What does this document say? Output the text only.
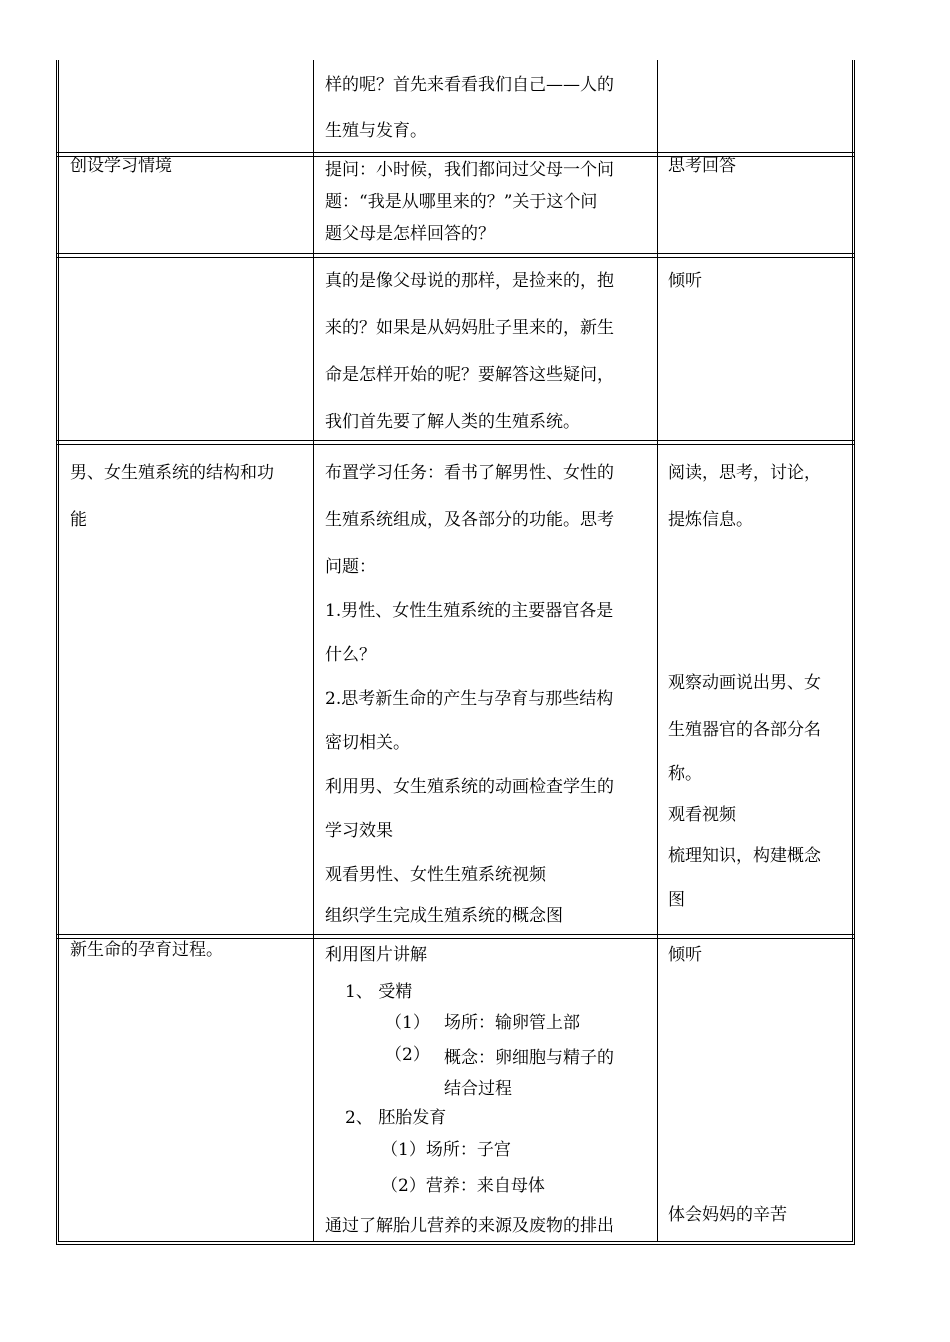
样的呢？首先来看看我们自己——人的
生殖与发育。
创设学习情境	提问：小时候，我们都问过父母一个问
题：“我是从哪里来的？”关于这个问
题父母是怎样回答的？
思考回答
真的是像父母说的那样，是捡来的，抱
来的？如果是从妈妈肚子里来的，新生
命是怎样开始的呢？要解答这些疑问，
我们首先要了解人类的生殖系统。
倾听
男、女生殖系统的结构和功
能
布置学习任务：看书了解男性、女性的
生殖系统组成，及各部分的功能。思考
问题：
1.男性、女性生殖系统的主要器官各是
什么？
2.思考新生命的产生与孕育与那些结构
密切相关。
利用男、女生殖系统的动画检查学生的
学习效果
观看男性、女性生殖系统视频
组织学生完成生殖系统的概念图
阅读，思考，讨论，
提炼信息。
观察动画说出男、女
生殖器官的各部分名
称。
观看视频
梳理知识，构建概念
图
新生命的孕育过程。	利用图片讲解
1、 受精
（1） 场所：输卵管上部
（2） 概念：卵细胞与精子的
结合过程
2、 胚胎发育
（1）场所：子宫
（2）营养：来自母体
通过了解胎儿营养的来源及废物的排出
倾听
体会妈妈的辛苦
